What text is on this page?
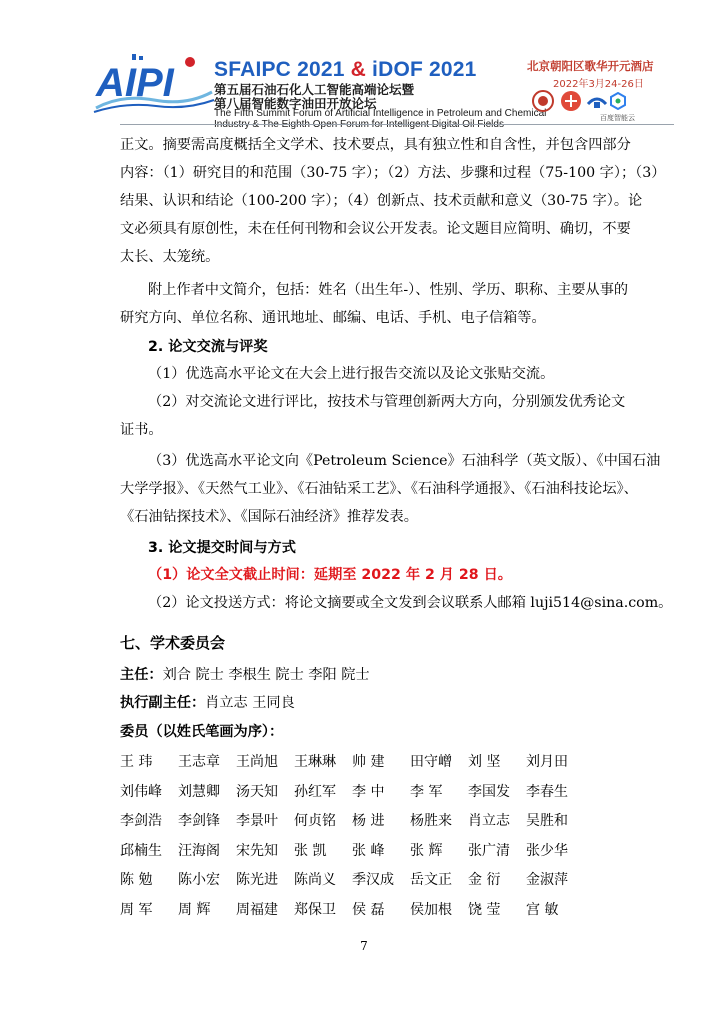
AIPI SFAIPC 2021 & iDOF 2021
第五届石油石化人工智能高端论坛暨
第八届智能数字油田开放论坛
The Fifth Summit Forum of Artificial Intelligence in Petroleum and Chemical
北京朝阳区歌华开元酒店
2022年3月24-26日
百度智能云

正文。摘要需高度概括全文学术、技术要点，具有独立性和自含性，并包含四部分

内容：（1）研究目的和范围（30-75 字）；（2）方法、步骤和过程（75-100 字）；（3）

结果、认识和结论（100-200 字）；（4）创新点、技术贡献和意义（30-75 字）。论

文必须具有原创性，未在任何刊物和会议公开发表。论文题目应简明、确切，不要

太长、太笼统。

附上作者中文简介，包括：姓名（出生年-）、性别、学历、职称、主要从事的

研究方向、单位名称、通讯地址、邮编、电话、手机、电子信箱等。

2. 论文交流与评奖

（1）优选高水平论文在大会上进行报告交流以及论文张贴交流。

（2）对交流论文进行评比，按技术与管理创新两大方向，分别颁发优秀论文

证书。

（3）优选高水平论文向《Petroleum Science》石油科学（英文版）、《中国石油

大学学报》、《天然气工业》、《石油钻采工艺》、《石油科学通报》、《石油科技论坛》、

《石油钻探技术》、《国际石油经济》推荐发表。

3. 论文提交时间与方式

（1）论文全文截止时间：延期至 2022 年 2 月 28 日。

（2）论文投送方式：将论文摘要或全文发到会议联系人邮箱 luji514@sina.com。

七、学术委员会
主任：刘合 院士 李根生 院士 李阳 院士
执行副主任：肖立志 王同良
委员（以姓氏笔画为序）：
王 玮 王志章 王尚旭 王琳琳 帅 建 田守嶒 刘 坚 刘月田
刘伟峰 刘慧卿 汤天知 孙红军 李 中 李 军 李国发 李春生
李剑浩 李剑锋 李景叶 何贞铭 杨 进 杨胜来 肖立志 吴胜和
邱楠生 汪海阁 宋先知 张 凯 张 峰 张 辉 张广清 张少华
陈 勉 陈小宏 陈光进 陈尚义 季汉成 岳文正 金 衍 金淑萍
周 军 周 辉 周福建 郑保卫 侯 磊 侯加根 饶 莹 宫 敏
7
